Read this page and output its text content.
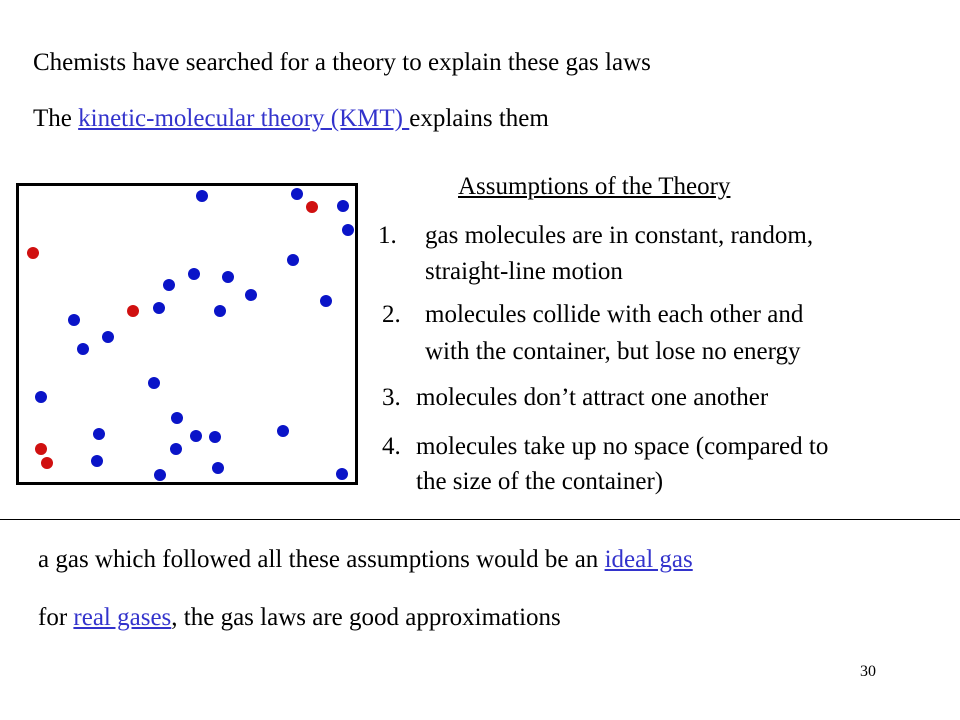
Chemists have searched for a theory to explain these gas laws
The kinetic-molecular theory (KMT) explains them
Assumptions of the Theory
1. gas molecules are in constant, random,
straight-line motion
2. molecules collide with each other and
with the container, but lose no energy
3. molecules don’t attract one another
4. molecules take up no space (compared to
the size of the container)
a gas which followed all these assumptions would be an ideal gas
for real gases, the gas laws are good approximations
30
